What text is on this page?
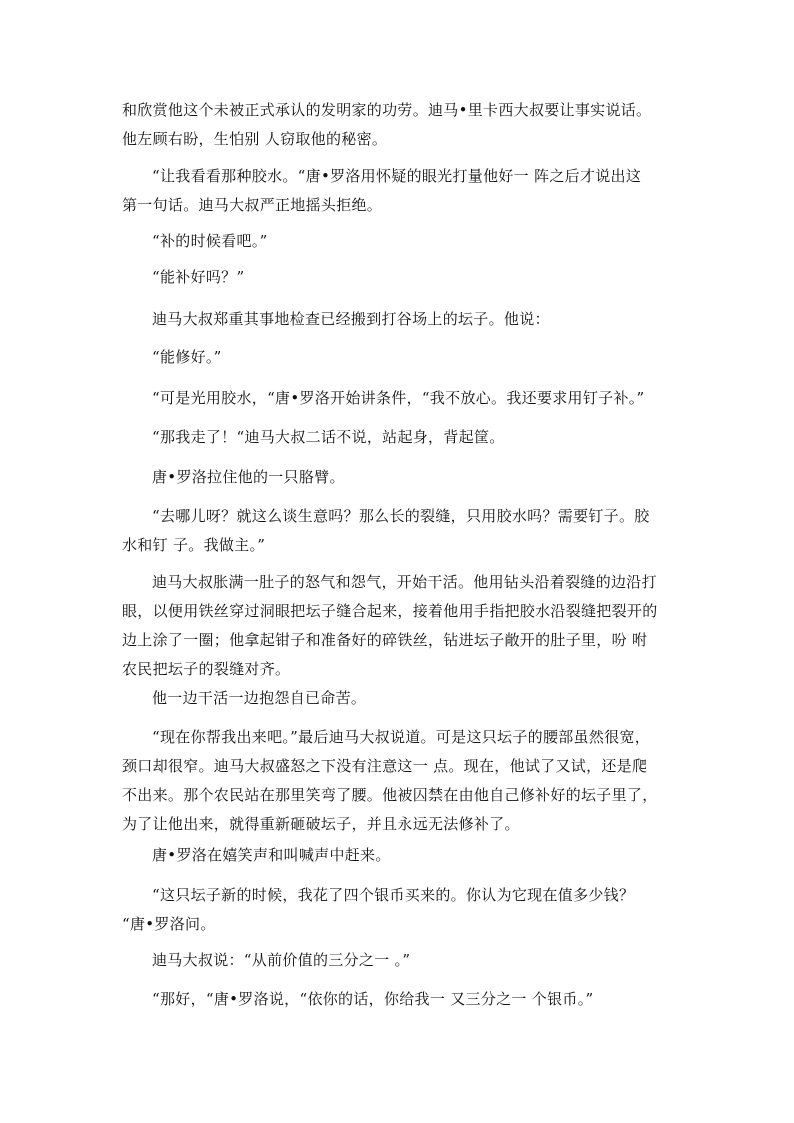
和欣赏他这个未被正式承认的发明家的功劳。迪马•里卡西大叔要让事实说话。
他左顾右盼，生怕别 人窃取他的秘密。

“让我看看那种胶水。“唐•罗洛用怀疑的眼光打量他好一 阵之后才说出这
第一句话。迪马大叔严正地摇头拒绝。

“补的时候看吧。”

“能补好吗？”

迪马大叔郑重其事地检查已经搬到打谷场上的坛子。他说：

“能修好。”

“可是光用胶水，“唐•罗洛开始讲条件，“我不放心。我还要求用钉子补。”

“那我走了！“迪马大叔二话不说，站起身，背起筐。

唐•罗洛拉住他的一只胳臂。

“去哪儿呀？就这么谈生意吗？那么长的裂缝，只用胶水吗？需要钉子。胶
水和钉 子。我做主。”

迪马大叔胀满一肚子的怒气和怨气，开始干活。他用钻头沿着裂缝的边沿打
眼，以便用铁丝穿过洞眼把坛子缝合起来，接着他用手指把胶水沿裂缝把裂开的
边上涂了一圈；他拿起钳子和准备好的碎铁丝，钻进坛子敞开的肚子里，吩 咐
农民把坛子的裂缝对齐。

他一边干活一边抱怨自已命苦。

“现在你帮我出来吧。”最后迪马大叔说道。可是这只坛子的腰部虽然很宽，
颈口却很窄。迪马大叔盛怒之下没有注意这一 点。现在，他试了又试，还是爬
不出来。那个农民站在那里笑弯了腰。他被囚禁在由他自己修补好的坛子里了，
为了让他出来，就得重新砸破坛子，并且永远无法修补了。

唐•罗洛在嬉笑声和叫喊声中赶来。

“这只坛子新的时候，我花了四个银币买来的。你认为它现在值多少钱？
“唐•罗洛问。

迪马大叔说：“从前价值的三分之一 。”

“那好，“唐•罗洛说，“依你的话，你给我一 又三分之一 个银币。”
